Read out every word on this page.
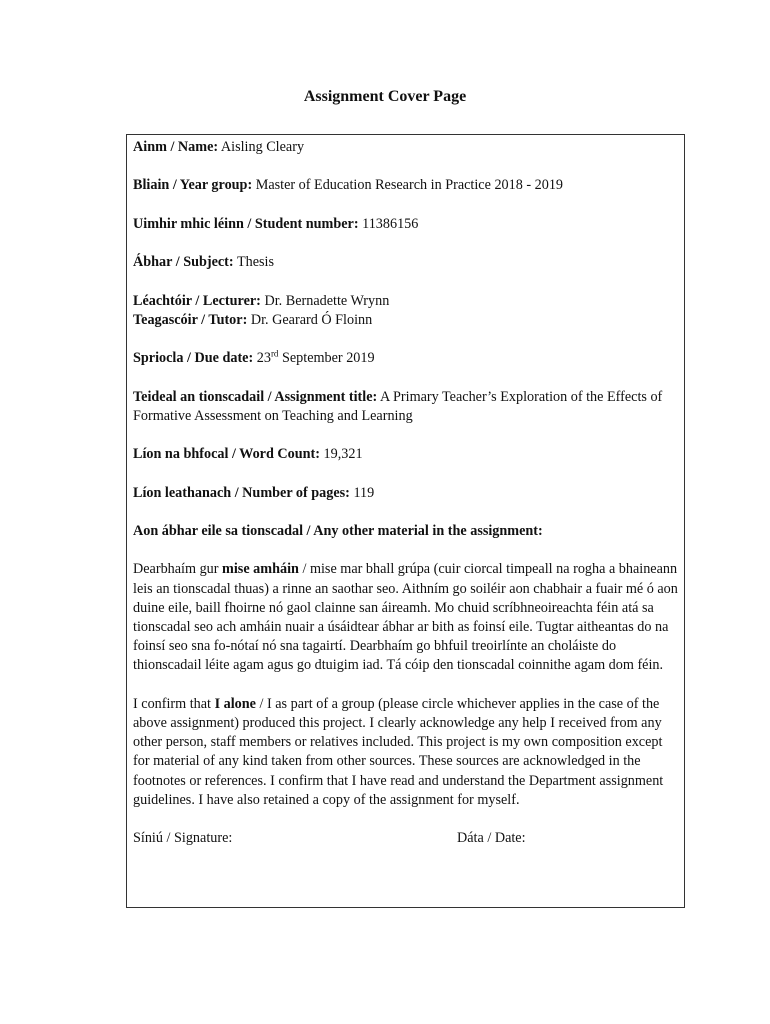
Assignment Cover Page
Ainm / Name: Aisling Cleary
Bliain / Year group: Master of Education Research in Practice 2018 - 2019
Uimhir mhic léinn / Student number: 11386156
Ábhar / Subject: Thesis
Léachtóir / Lecturer: Dr. Bernadette Wrynn
Teagascóir / Tutor: Dr. Gearard Ó Floinn
Spriocla / Due date: 23rd September 2019
Teideal an tionscadail / Assignment title: A Primary Teacher’s Exploration of the Effects of Formative Assessment on Teaching and Learning
Líon na bhfocal / Word Count: 19,321
Líon leathanach / Number of pages: 119
Aon ábhar eile sa tionscadal / Any other material in the assignment:
Dearbhaím gur mise amháin / mise mar bhall grúpa (cuir ciorcal timpeall na rogha a bhaineann leis an tionscadal thuas) a rinne an saothar seo. Aithním go soiléir aon chabhair a fuair mé ó aon duine eile, baill fhoirne nó gaol clainne san áireamh. Mo chuid scríbhneoireachta féin atá sa tionscadal seo ach amháin nuair a úsáidtear ábhar ar bith as foinsí eile. Tugtar aitheantas do na foinsí seo sna fo-nótaí nó sna tagairtí. Dearbhaím go bhfuil treoirlínte an choláiste do thionscadail léite agam agus go dtuigim iad. Tá cóip den tionscadal coinnithe agam dom féin.
I confirm that I alone / I as part of a group (please circle whichever applies in the case of the above assignment) produced this project. I clearly acknowledge any help I received from any other person, staff members or relatives included. This project is my own composition except for material of any kind taken from other sources. These sources are acknowledged in the footnotes or references. I confirm that I have read and understand the Department assignment guidelines. I have also retained a copy of the assignment for myself.
Síniú / Signature:	Dáta / Date:
